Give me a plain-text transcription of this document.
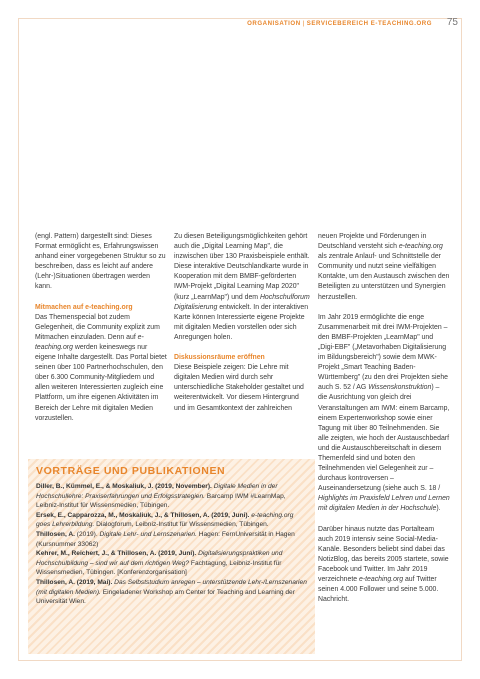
ORGANISATION | SERVICEBEREICH E-TEACHING.ORG 75

(engl. Pattern) dargestellt sind: Dieses Format ermöglicht es, Erfahrungswissen anhand einer vorgegebenen Struktur so zu beschreiben, dass es leicht auf andere (Lehr-)Situationen übertragen werden kann.

Mitmachen auf e-teaching.org

Das Themenspecial bot zudem Gelegenheit, die Community explizit zum Mitmachen einzuladen. Denn auf e-teaching.org werden keineswegs nur eigene Inhalte dargestellt. Das Portal bietet seinen über 100 Partnerhochschulen, den über 6.300 Community-Mitgliedern und allen weiteren Interessierten zugleich eine Plattform, um ihre eigenen Aktivitäten im Bereich der Lehre mit digitalen Medien vorzustellen.

Zu diesen Beteiligungsmöglichkeiten gehört auch die „Digital Learning Map", die inzwischen über 130 Praxisbeispiele enthält. Diese interaktive Deutschlandkarte wurde in Kooperation mit dem BMBF-geförderten IWM-Projekt „Digital Learning Map 2020" (kurz „LearnMap") und dem Hochschulforum Digitalisierung entwickelt. In der interaktiven Karte können Interessierte eigene Projekte mit digitalen Medien vorstellen oder sich Anregungen holen.

Diskussionsräume eröffnen

Diese Beispiele zeigen: Die Lehre mit digitalen Medien wird durch sehr unterschiedliche Stakeholder gestaltet und weiterentwickelt. Vor diesem Hintergrund und im Gesamtkontext der zahlreichen

neuen Projekte und Förderungen in Deutschland versteht sich e-teaching.org als zentrale Anlauf- und Schnittstelle der Community und nutzt seine vielfältigen Kontakte, um den Austausch zwischen den Beteiligten zu unterstützen und Synergien herzustellen.

Im Jahr 2019 ermöglichte die enge Zusammenarbeit mit drei IWM-Projekten – den BMBF-Projekten „LearnMap" und „Digi-EBF" („Metavorhaben Digitalisierung im Bildungsbereich") sowie dem MWK-Projekt „Smart Teaching Baden-Württemberg" (zu den drei Projekten siehe auch S. 52 / AG Wissenskonstruktion) – die Ausrichtung von gleich drei Veranstaltungen am IWM: einem Barcamp, einem Expertenworkshop sowie einer Tagung mit über 80 Teilnehmenden. Sie alle zeigten, wie hoch der Austauschbedarf und die Austauschbereitschaft in diesem Themenfeld sind und boten den Teilnehmenden viel Gelegenheit zur – durchaus kontroversen – Auseinandersetzung (siehe auch S. 18 / Highlights im Praxisfeld Lehren und Lernen mit digitalen Medien in der Hochschule).

Darüber hinaus nutzte das Portalteam auch 2019 intensiv seine Social-Media-Kanäle. Besonders beliebt sind dabei das NotizBlog, das bereits 2005 startete, sowie Facebook und Twitter. Im Jahr 2019 verzeichnete e-teaching.org auf Twitter seinen 4.000 Follower und seine 5.000. Nachricht.

VORTRÄGE UND PUBLIKATIONEN
Diller, B., Kümmel, E., & Moskaliuk, J. (2019, November). Digitale Medien in der Hochschullehre: Praxiserfahrungen und Erfolgsstrategien. Barcamp IWM #LearnMap, Leibniz-Institut für Wissensmedien, Tübingen.
Ersek, E., Capparozza, M., Moskaliuk, J., & Thillosen, A. (2019, Juni). e-teaching.org goes Lehrerbildung. Dialogforum, Leibniz-Institut für Wissensmedien, Tübingen.
Thillosen, A. (2019). Digitale Lehr- und Lernszenarien. Hagen: FernUniversität in Hagen (Kursnummer 33062)
Kehrer, M., Reichert, J., & Thillosen, A. (2019, Juni). Digitalisierungspraktiken und Hochschulbildung – sind wir auf dem richtigen Weg? Fachtagung, Leibniz-Institut für Wissensmedien, Tübingen. [Konferenzorganisation]
Thillosen, A. (2019, Mai). Das Selbststudium anregen – unterstützende Lehr-/Lernszenarien (mit digitalen Medien). Eingeladener Workshop am Center for Teaching and Learning der Universität Wien.
